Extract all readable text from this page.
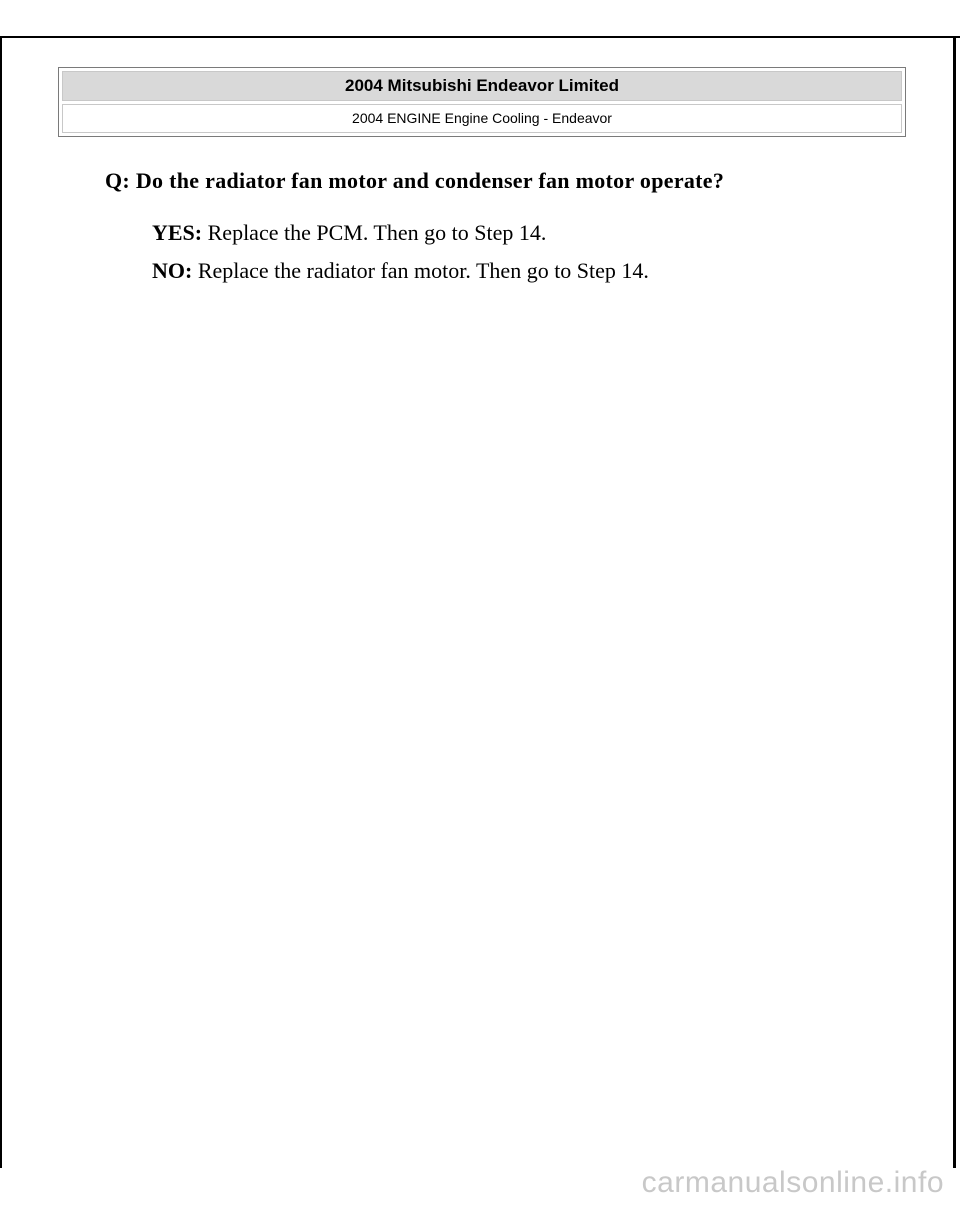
2004 Mitsubishi Endeavor Limited
2004 ENGINE Engine Cooling - Endeavor
Q: Do the radiator fan motor and condenser fan motor operate?
YES: Replace the PCM. Then go to Step 14.
NO: Replace the radiator fan motor. Then go to Step 14.
carmanualsonline.info
